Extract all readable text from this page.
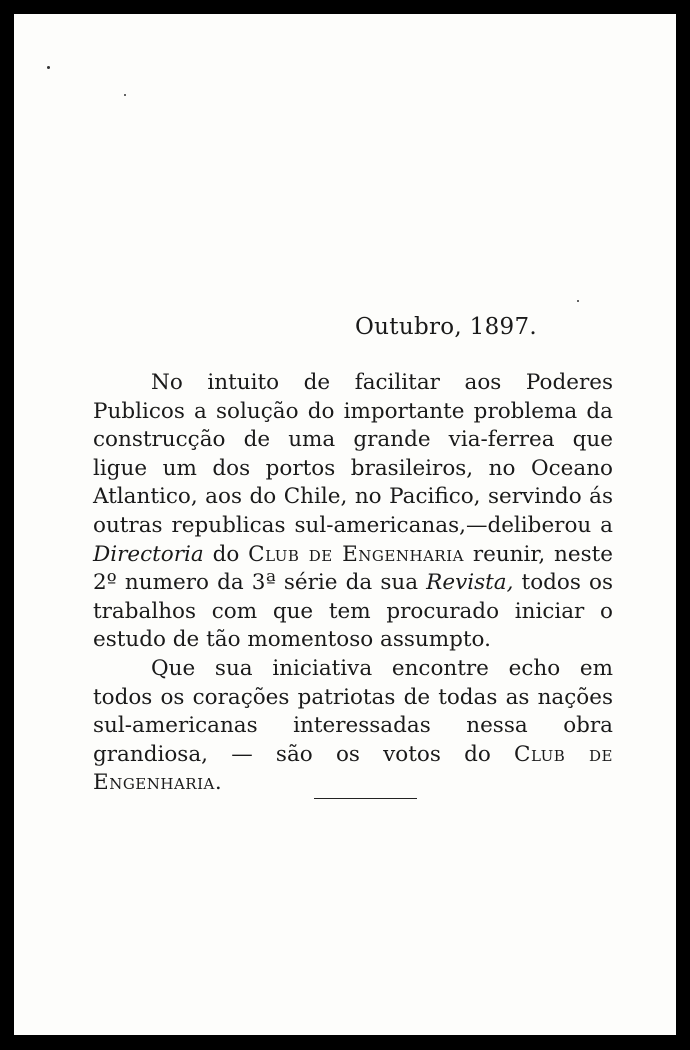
Outubro, 1897.

No intuito de facilitar aos Poderes Publicos a solução do importante problema da construcção de uma grande via-ferrea que ligue um dos portos brasileiros, no Oceano Atlantico, aos do Chile, no Pacifico, servindo ás outras republicas sul-americanas,—deliberou a Directoria do Club de Engenharia reunir, neste 2º numero da 3ª série da sua Revista, todos os trabalhos com que tem procurado iniciar o estudo de tão momentoso assumpto.

Que sua iniciativa encontre echo em todos os corações patriotas de todas as nações sul-americanas interessadas nessa obra grandiosa, — são os votos do Club de Engenharia.
